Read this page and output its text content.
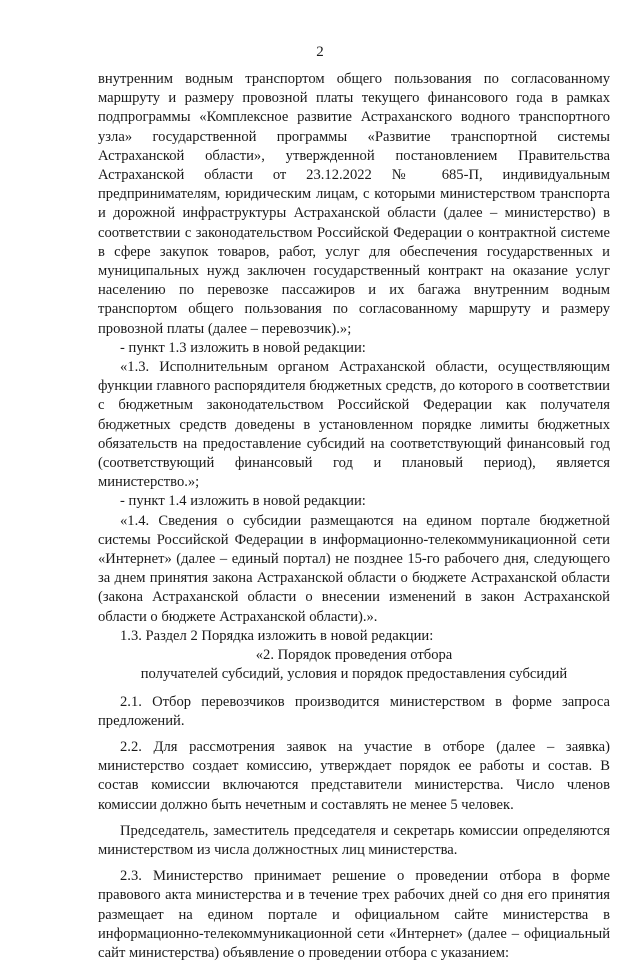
2

внутренним водным транспортом общего пользования по согласованному маршруту и размеру провозной платы текущего финансового года в рамках подпрограммы «Комплексное развитие Астраханского водного транспортного узла» государственной программы «Развитие транспортной системы Астраханской области», утвержденной постановлением Правительства Астраханской области от 23.12.2022 № 685-П, индивидуальным предпринимателям, юридическим лицам, с которыми министерством транспорта и дорожной инфраструктуры Астраханской области (далее – министерство) в соответствии с законодательством Российской Федерации о контрактной системе в сфере закупок товаров, работ, услуг для обеспечения государственных и муниципальных нужд заключен государственный контракт на оказание услуг населению по перевозке пассажиров и их багажа внутренним водным транспортом общего пользования по согласованному маршруту и размеру провозной платы (далее – перевозчик).»;

- пункт 1.3 изложить в новой редакции:

«1.3. Исполнительным органом Астраханской области, осуществляющим функции главного распорядителя бюджетных средств, до которого в соответствии с бюджетным законодательством Российской Федерации как получателя бюджетных средств доведены в установленном порядке лимиты бюджетных обязательств на предоставление субсидий на соответствующий финансовый год (соответствующий финансовый год и плановый период), является министерство.»;

- пункт 1.4 изложить в новой редакции:

«1.4. Сведения о субсидии размещаются на едином портале бюджетной системы Российской Федерации в информационно-телекоммуникационной сети «Интернет» (далее – единый портал) не позднее 15-го рабочего дня, следующего за днем принятия закона Астраханской области о бюджете Астраханской области (закона Астраханской области о внесении изменений в закон Астраханской области о бюджете Астраханской области).».

1.3. Раздел 2 Порядка изложить в новой редакции:

«2. Порядок проведения отбора

получателей субсидий, условия и порядок предоставления субсидий

2.1. Отбор перевозчиков производится министерством в форме запроса предложений.

2.2. Для рассмотрения заявок на участие в отборе (далее – заявка) министерство создает комиссию, утверждает порядок ее работы и состав. В состав комиссии включаются представители министерства. Число членов комиссии должно быть нечетным и составлять не менее 5 человек.

Председатель, заместитель председателя и секретарь комиссии определяются министерством из числа должностных лиц министерства.

2.3. Министерство принимает решение о проведении отбора в форме правового акта министерства и в течение трех рабочих дней со дня его принятия размещает на едином портале и официальном сайте министерства в информационно-телекоммуникационной сети «Интернет» (далее – официальный сайт министерства) объявление о проведении отбора с указанием:
